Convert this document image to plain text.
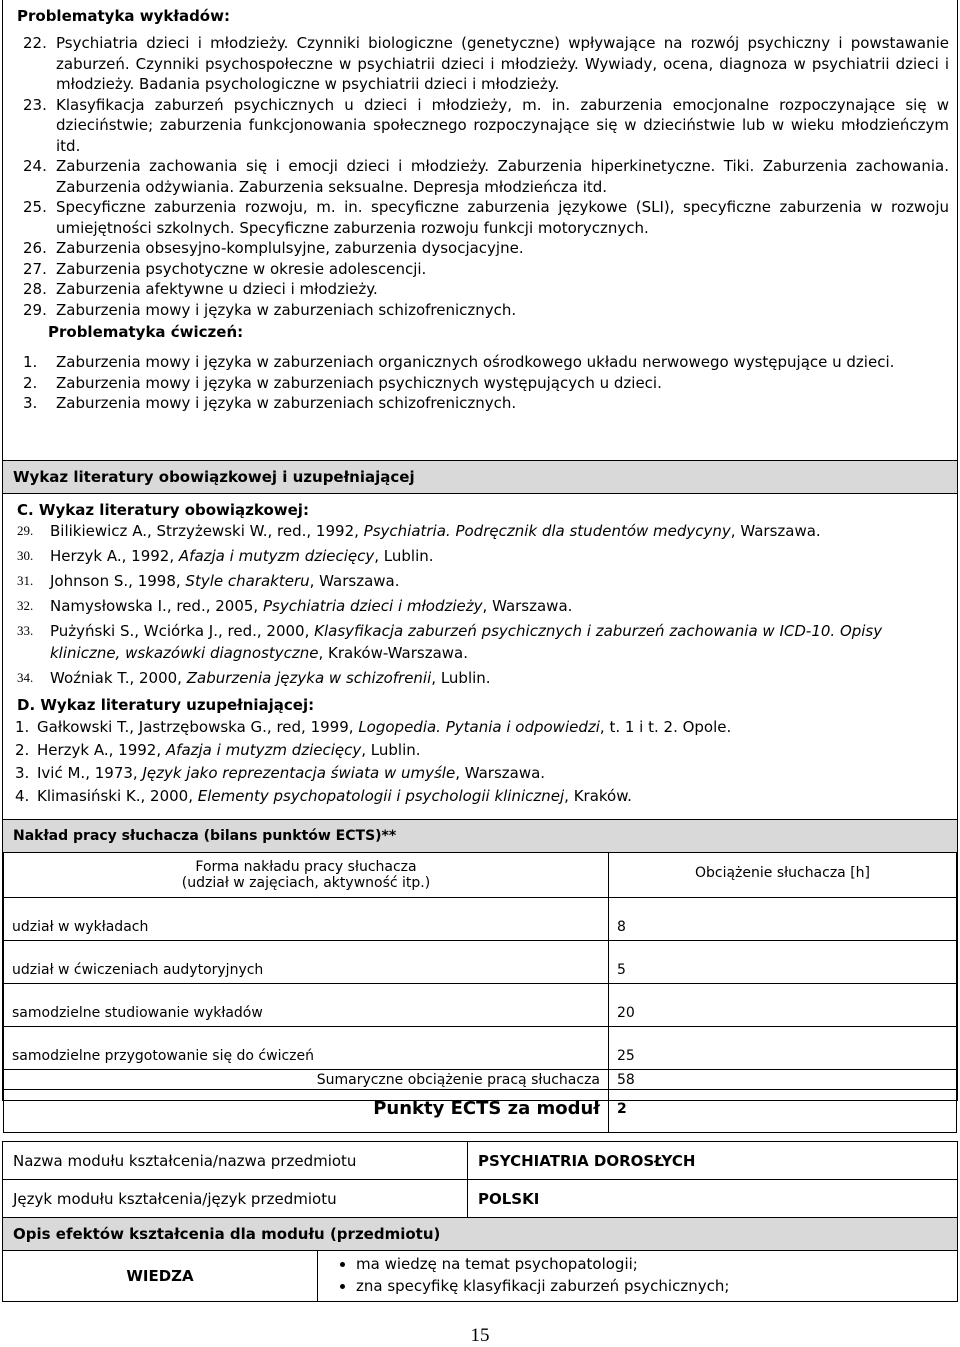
Problematyka wykładów:
22. Psychiatria dzieci i młodzieży. Czynniki biologiczne (genetyczne) wpływające na rozwój psychiczny i powstawanie zaburzeń. Czynniki psychospołeczne w psychiatrii dzieci i młodzieży. Wywiady, ocena, diagnoza w psychiatrii dzieci i młodzieży. Badania psychologiczne w psychiatrii dzieci i młodzieży.
23. Klasyfikacja zaburzeń psychicznych u dzieci i młodzieży, m. in. zaburzenia emocjonalne rozpoczynające się w dzieciństwie; zaburzenia funkcjonowania społecznego rozpoczynające się w dzieciństwie lub w wieku młodzieńczym itd.
24. Zaburzenia zachowania się i emocji dzieci i młodzieży. Zaburzenia hiperkinetyczne. Tiki. Zaburzenia zachowania. Zaburzenia odżywiania. Zaburzenia seksualne. Depresja młodzieńcza itd.
25. Specyficzne zaburzenia rozwoju, m. in. specyficzne zaburzenia językowe (SLI), specyficzne zaburzenia w rozwoju umiejętności szkolnych. Specyficzne zaburzenia rozwoju funkcji motorycznych.
26. Zaburzenia obsesyjno-komplulsyjne, zaburzenia dysocjacyjne.
27. Zaburzenia psychotyczne w okresie adolescencji.
28. Zaburzenia afektywne u dzieci i młodzieży.
29. Zaburzenia mowy i języka w zaburzeniach schizofrenicznych.
Problematyka ćwiczeń:
1.	Zaburzenia mowy i języka w zaburzeniach organicznych ośrodkowego układu nerwowego występujące u dzieci.
2.	Zaburzenia mowy i języka w zaburzeniach psychicznych występujących u dzieci.
3.	Zaburzenia mowy i języka w zaburzeniach schizofrenicznych.
Wykaz literatury obowiązkowej i uzupełniającej
C. Wykaz literatury obowiązkowej:
29.	Bilikiewicz A., Strzyżewski W., red., 1992, Psychiatria. Podręcznik dla studentów medycyny, Warszawa.
30.	Herzyk A., 1992, Afazja i mutyzm dziecięcy, Lublin.
31.	Johnson S., 1998, Style charakteru, Warszawa.
32.	Namysłowska I., red., 2005, Psychiatria dzieci i młodzieży, Warszawa.
33.	Pużyński S., Wciórka J., red., 2000, Klasyfikacja zaburzeń psychicznych i zaburzeń zachowania w ICD-10. Opisy kliniczne, wskazówki diagnostyczne, Kraków-Warszawa.
34.	Woźniak T., 2000, Zaburzenia języka w schizofrenii, Lublin.
D. Wykaz literatury uzupełniającej:
1. Gałkowski T., Jastrzębowska G., red, 1999, Logopedia. Pytania i odpowiedzi, t. 1 i t. 2. Opole.
2. Herzyk A., 1992, Afazja i mutyzm dziecięcy, Lublin.
3. Ivić M., 1973, Język jako reprezentacja świata w umyśle, Warszawa.
4. Klimasiński K., 2000, Elementy psychopatologii i psychologii klinicznej, Kraków.
Nakład pracy słuchacza (bilans punktów ECTS)**
Forma nakładu pracy słuchacza
(udział w zajęciach, aktywność itp.)	Obciążenie słuchacza [h]
udział w wykładach	8
udział w ćwiczeniach audytoryjnych	5
samodzielne studiowanie wykładów	20
samodzielne przygotowanie się do ćwiczeń	25
Sumaryczne obciążenie pracą słuchacza	58
Punkty ECTS za moduł	2
Nazwa modułu kształcenia/nazwa przedmiotu	PSYCHIATRIA DOROSŁYCH
Język modułu kształcenia/język przedmiotu	POLSKI
Opis efektów kształcenia dla modułu (przedmiotu)	
WIEDZA	
• ma wiedzę na temat psychopatologii;
• zna specyfikę klasyfikacji zaburzeń psychicznych;
15
